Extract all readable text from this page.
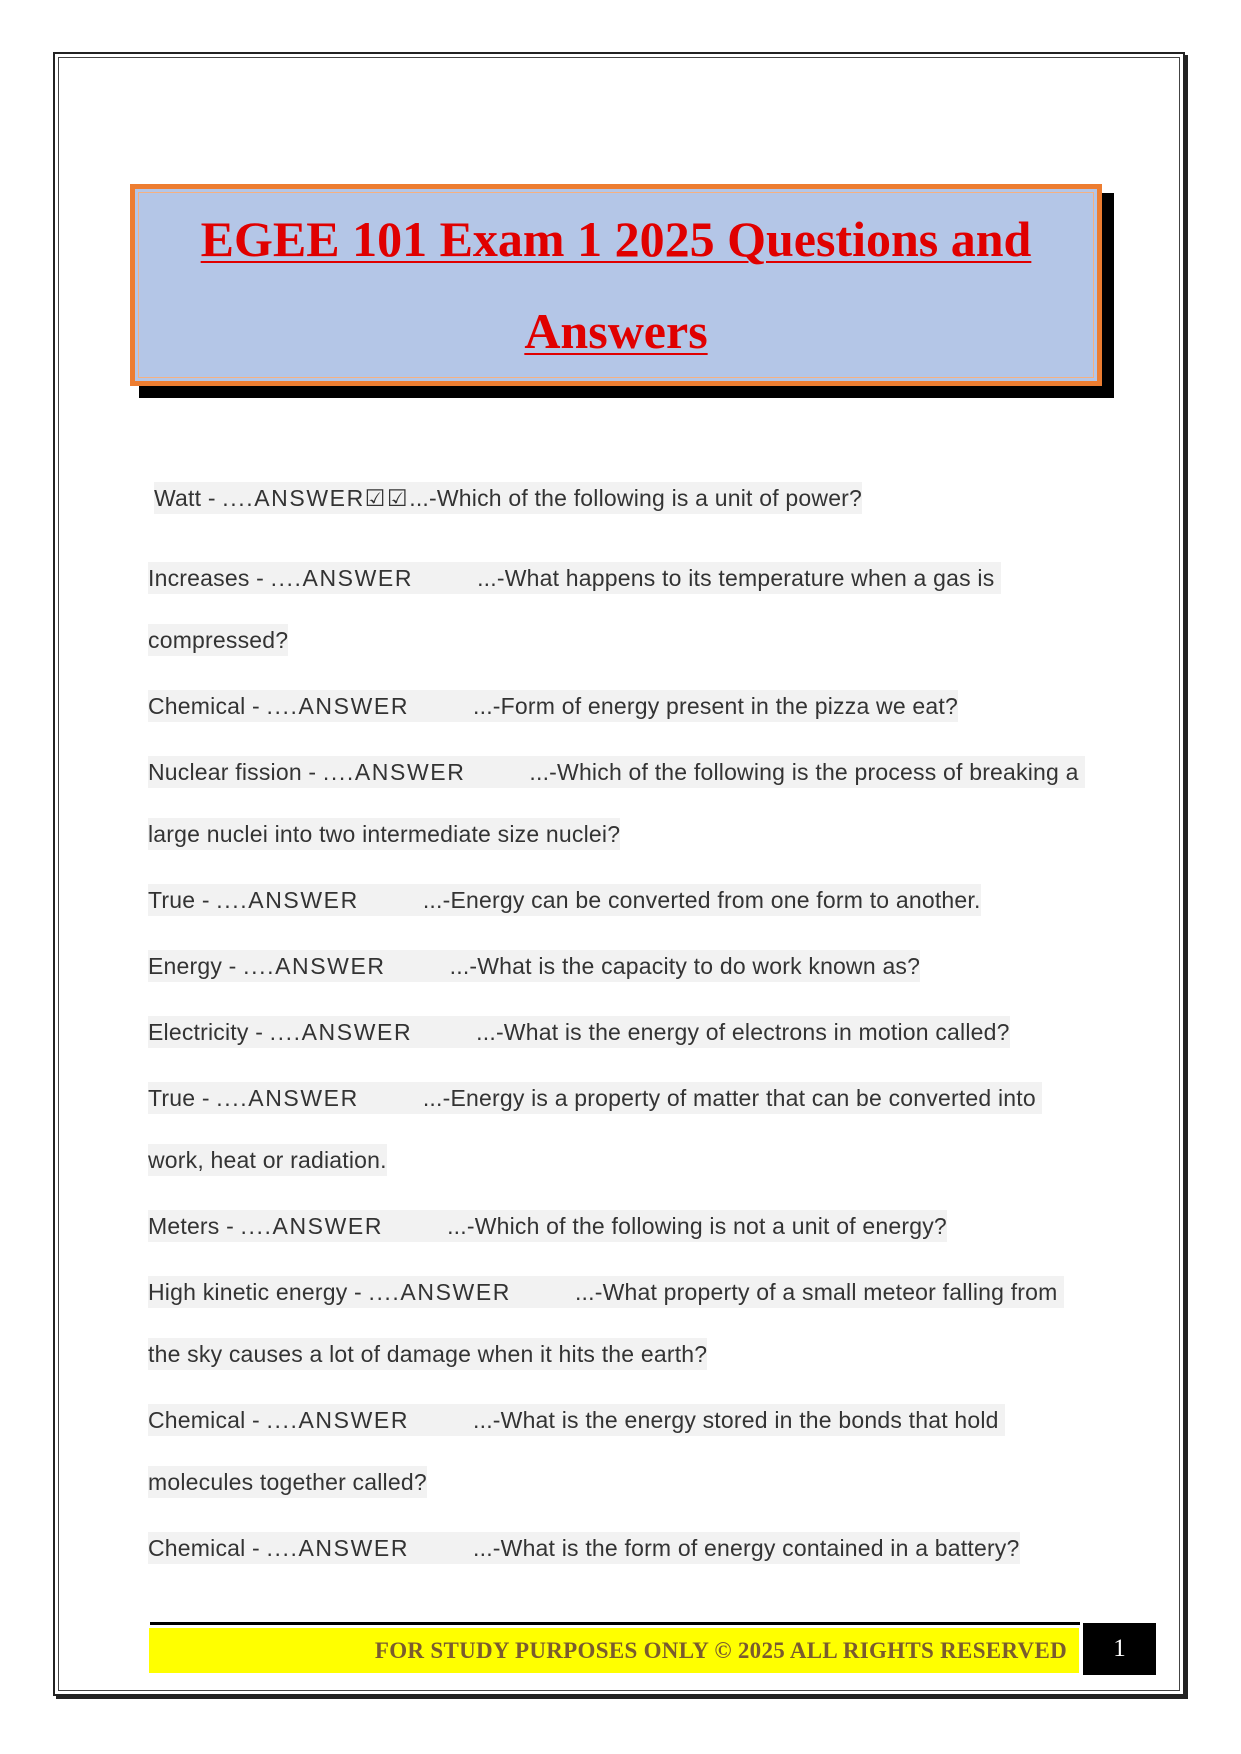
EGEE 101 Exam 1 2025 Questions and
Answers
Watt - ....ANSWER☑☑...-Which of the following is a unit of power?
Increases - ....ANSWER	...-What happens to its temperature when a gas is compressed?
Chemical - ....ANSWER	...-Form of energy present in the pizza we eat?
Nuclear fission - ....ANSWER	...-Which of the following is the process of breaking a large nuclei into two intermediate size nuclei?
True - ....ANSWER	...-Energy can be converted from one form to another.
Energy - ....ANSWER	...-What is the capacity to do work known as?
Electricity - ....ANSWER	...-What is the energy of electrons in motion called?
True - ....ANSWER	...-Energy is a property of matter that can be converted into work, heat or radiation.
Meters - ....ANSWER	...-Which of the following is not a unit of energy?
High kinetic energy - ....ANSWER	...-What property of a small meteor falling from the sky causes a lot of damage when it hits the earth?
Chemical - ....ANSWER	...-What is the energy stored in the bonds that hold molecules together called?
Chemical - ....ANSWER	...-What is the form of energy contained in a battery?
FOR STUDY PURPOSES ONLY © 2025 ALL RIGHTS RESERVED	1
